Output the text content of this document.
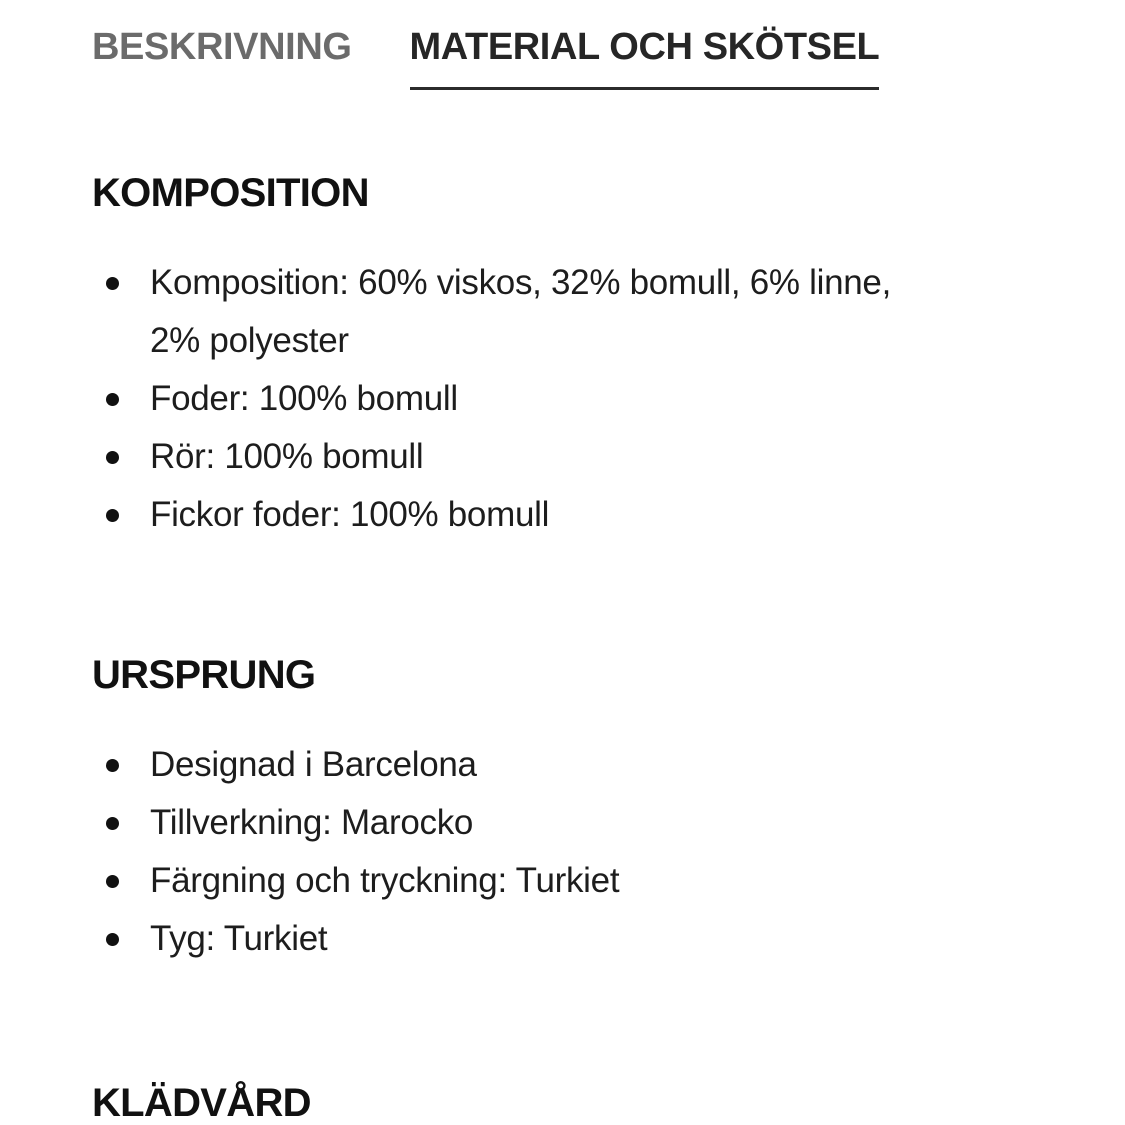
BESKRIVNING MATERIAL OCH SKÖTSEL
KOMPOSITION
Komposition: 60% viskos, 32% bomull, 6% linne, 2% polyester
Foder: 100% bomull
Rör: 100% bomull
Fickor foder: 100% bomull
URSPRUNG
Designad i Barcelona
Tillverkning: Marocko
Färgning och tryckning: Turkiet
Tyg: Turkiet
KLÄDVÅRD
